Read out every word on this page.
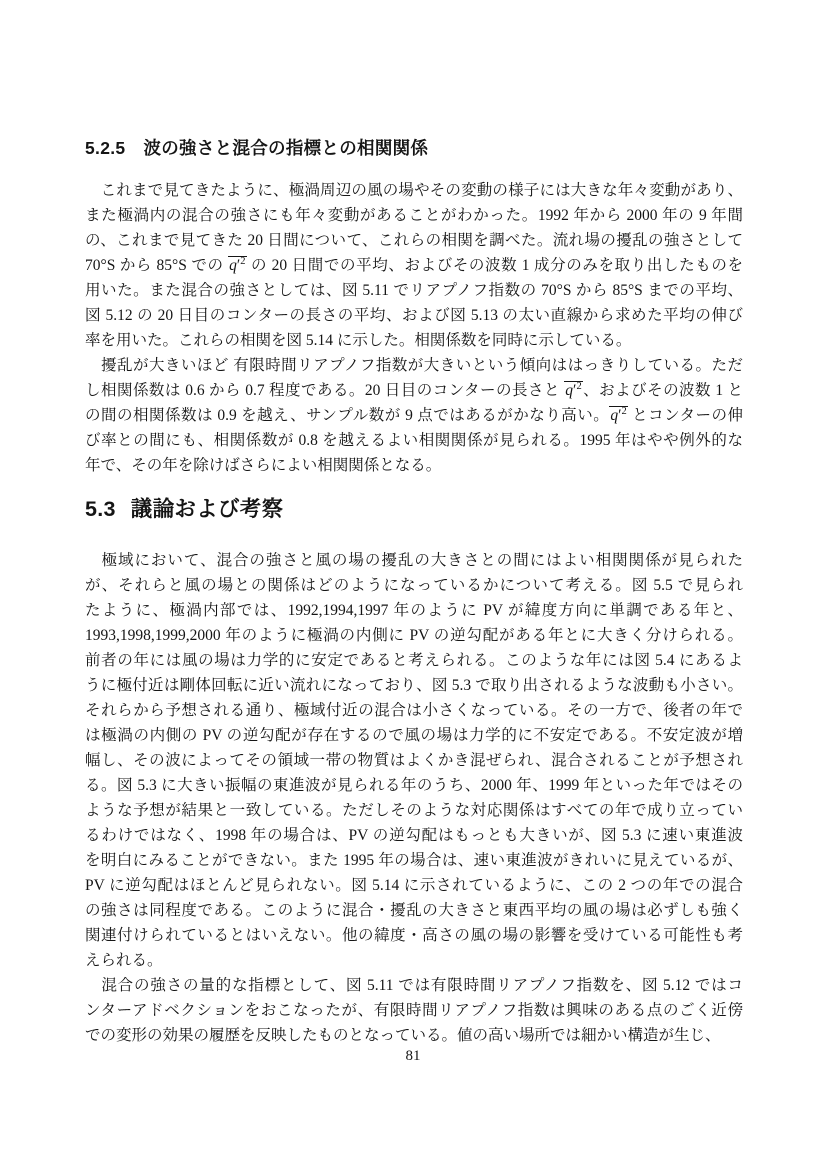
5.2.5 波の強さと混合の指標との相関関係
　これまで見てきたように、極渦周辺の風の場やその変動の様子には大きな年々変動があり、
また極渦内の混合の強さにも年々変動があることがわかった。1992 年から 2000 年の 9 年間
の、これまで見てきた 20 日間について、これらの相関を調べた。流れ場の擾乱の強さとして
70°S から 85°S での $q'^2$ の 20 日間での平均、およびその波数 1 成分のみを取り出したものを
用いた。また混合の強さとしては、図 5.11 でリアプノフ指数の 70°S から 85°S までの平均、
図 5.12 の 20 日目のコンターの長さの平均、および図 5.13 の太い直線から求めた平均の伸び
率を用いた。これらの相関を図 5.14 に示した。相関係数を同時に示している。
　擾乱が大きいほど 有限時間リアプノフ指数が大きいという傾向ははっきりしている。ただ
し相関係数は 0.6 から 0.7 程度である。20 日目のコンターの長さと $q'^2$、およびその波数 1 と
の間の相関係数は 0.9 を越え、サンプル数が 9 点ではあるがかなり高い。$q'^2$ とコンターの伸
び率との間にも、相関係数が 0.8 を越えるよい相関関係が見られる。1995 年はやや例外的な
年で、その年を除けばさらによい相関関係となる。
5.3 議論および考察
　極域において、混合の強さと風の場の擾乱の大きさとの間にはよい相関関係が見られた
が、それらと風の場との関係はどのようになっているかについて考える。図 5.5 で見られ
たように、極渦内部では、1992,1994,1997 年のように PV が緯度方向に単調である年と、
1993,1998,1999,2000 年のように極渦の内側に PV の逆勾配がある年とに大きく分けられる。
前者の年には風の場は力学的に安定であると考えられる。このような年には図 5.4 にあるよ
うに極付近は剛体回転に近い流れになっており、図 5.3 で取り出されるような波動も小さい。
それらから予想される通り、極域付近の混合は小さくなっている。その一方で、後者の年で
は極渦の内側の PV の逆勾配が存在するので風の場は力学的に不安定である。不安定波が増
幅し、その波によってその領域一帯の物質はよくかき混ぜられ、混合されることが予想され
る。図 5.3 に大きい振幅の東進波が見られる年のうち、2000 年、1999 年といった年ではその
ような予想が結果と一致している。ただしそのような対応関係はすべての年で成り立ってい
るわけではなく、1998 年の場合は、PV の逆勾配はもっとも大きいが、図 5.3 に速い東進波
を明白にみることができない。また 1995 年の場合は、速い東進波がきれいに見えているが、
PV に逆勾配はほとんど見られない。図 5.14 に示されているように、この 2 つの年での混合
の強さは同程度である。このように混合・擾乱の大きさと東西平均の風の場は必ずしも強く
関連付けられているとはいえない。他の緯度・高さの風の場の影響を受けている可能性も考
えられる。
　混合の強さの量的な指標として、図 5.11 では有限時間リアプノフ指数を、図 5.12 ではコ
ンターアドベクションをおこなったが、有限時間リアプノフ指数は興味のある点のごく近傍
での変形の効果の履歴を反映したものとなっている。値の高い場所では細かい構造が生じ、
81
